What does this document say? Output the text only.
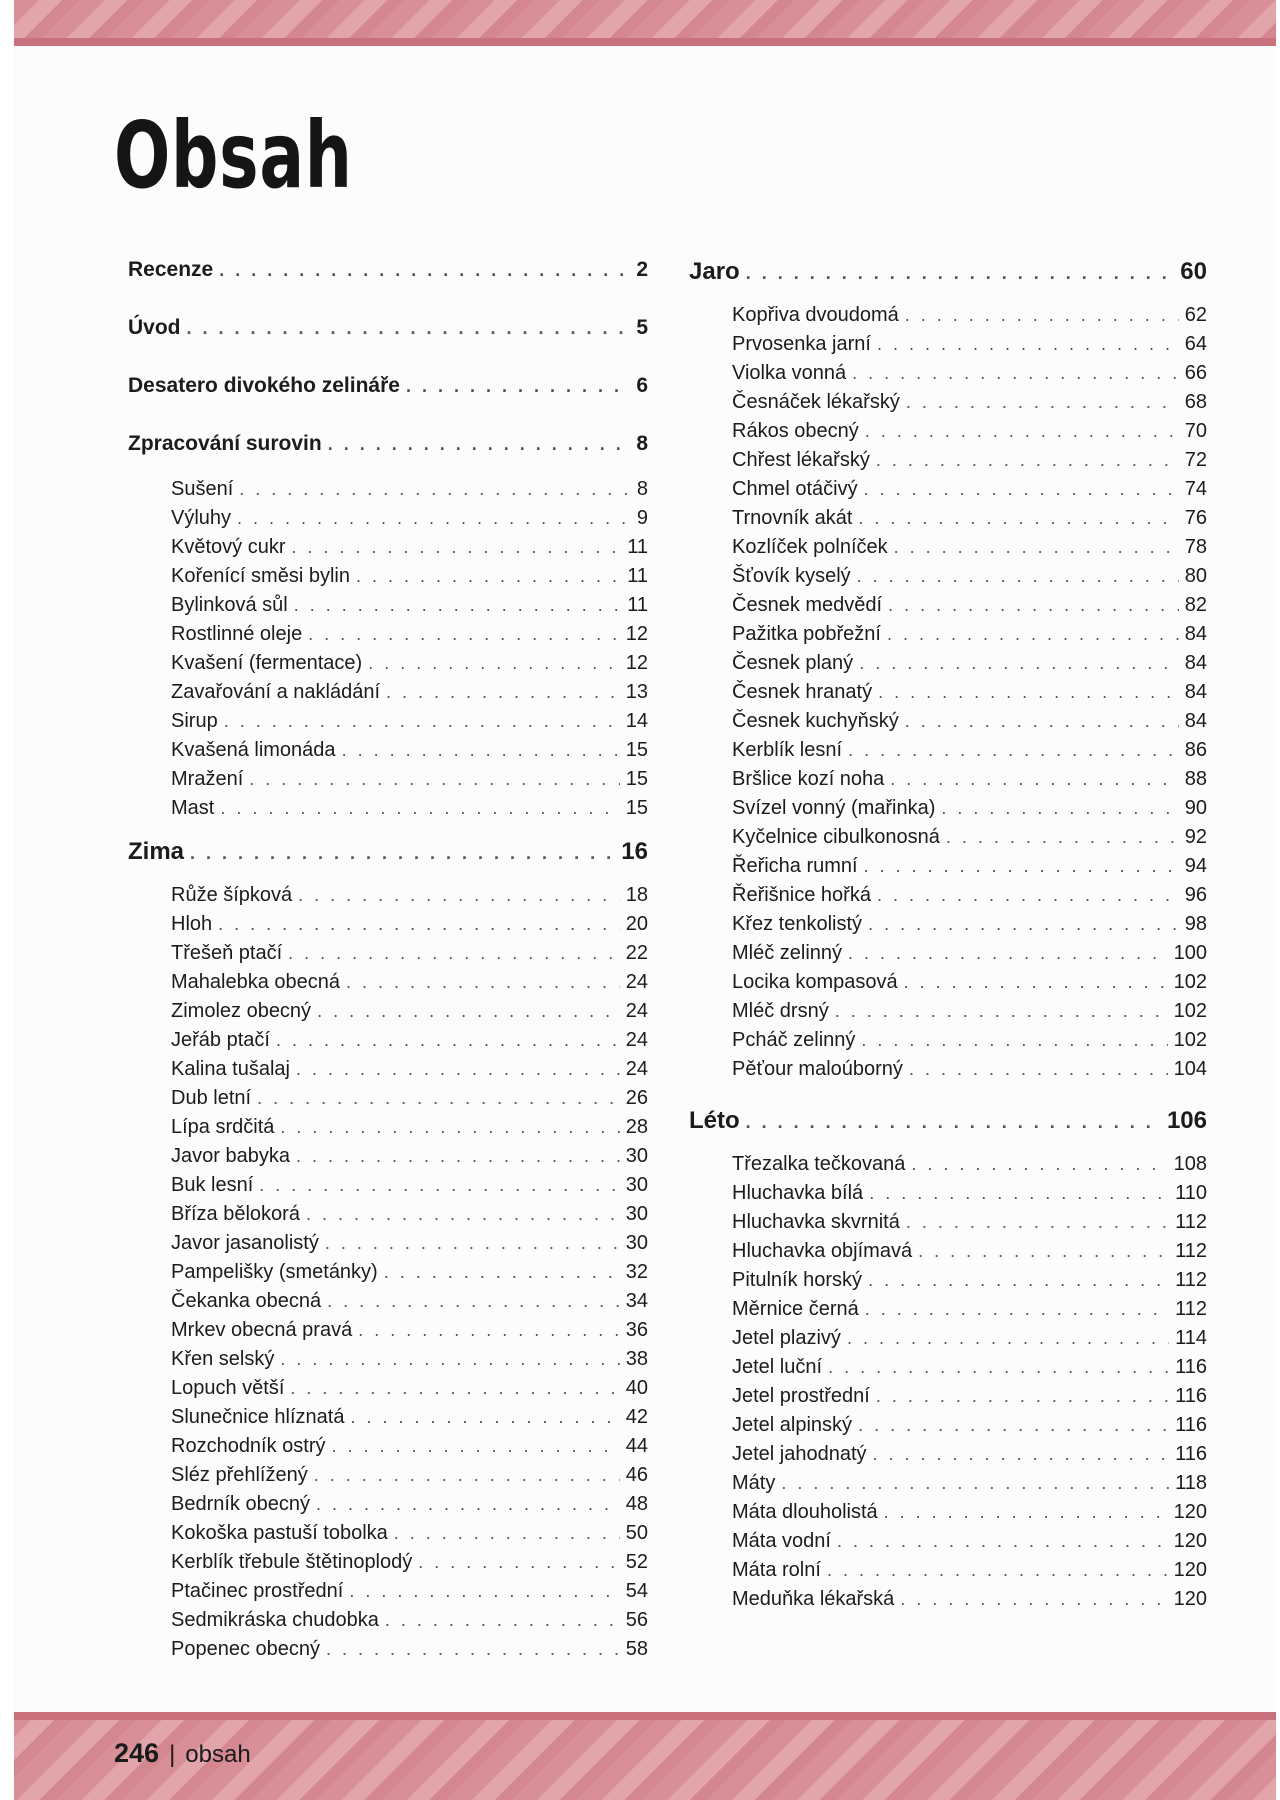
Obsah
Recenze . . .	2
Úvod . . .	5
Desatero divokého zelináře . . .	6
Zpracování surovin . . .	8
Sušení . . .	8
Výluhy . . .	9
Květový cukr . . .	11
Kořenící směsi bylin . . .	11
Bylinková sůl . . .	11
Rostlinné oleje . . .	12
Kvašení (fermentace) . . .	12
Zavařování a nakládání . . .	13
Sirup . . .	14
Kvašená limonáda . . .	15
Mražení . . .	15
Mast . . .	15
Zima . . .	16
Růže šípková . . .	18
Hloh . . .	20
Třešeň ptačí . . .	22
Mahalebka obecná . . .	24
Zimolez obecný . . .	24
Jeřáb ptačí . . .	24
Kalina tušalaj . . .	24
Dub letní . . .	26
Lípa srdčitá . . .	28
Javor babyka . . .	30
Buk lesní . . .	30
Bříza bělokorá . . .	30
Javor jasanolistý . . .	30
Pampelišky (smetánky) . . .	32
Čekanka obecná . . .	34
Mrkev obecná pravá . . .	36
Křen selský . . .	38
Lopuch větší . . .	40
Slunečnice hlíznatá . . .	42
Rozchodník ostrý . . .	44
Sléz přehlížený . . .	46
Bedrník obecný . . .	48
Kokoška pastuší tobolka . . .	50
Kerblík třebule štětinoplodý . . .	52
Ptačinec prostřední . . .	54
Sedmikráska chudobka . . .	56
Popenec obecný . . .	58
Jaro . . .	60
Kopřiva dvoudomá . . .	62
Prvosenka jarní . . .	64
Violka vonná . . .	66
Česnáček lékařský . . .	68
Rákos obecný . . .	70
Chřest lékařský . . .	72
Chmel otáčivý . . .	74
Trnovník akát . . .	76
Kozlíček polníček . . .	78
Šťovík kyselý . . .	80
Česnek medvědí . . .	82
Pažitka pobřežní . . .	84
Česnek planý . . .	84
Česnek hranatý . . .	84
Česnek kuchyňský . . .	84
Kerblík lesní . . .	86
Bršlice kozí noha . . .	88
Svízel vonný (mařinka) . . .	90
Kyčelnice cibulkonosná . . .	92
Řeřicha rumní . . .	94
Řeřišnice hořká . . .	96
Křez tenkolistý . . .	98
Mléč zelinný . . .	100
Locika kompasová . . .	102
Mléč drsný . . .	102
Pcháč zelinný . . .	102
Pěťour maloúborný . . .	104
Léto . . .	106
Třezalka tečkovaná . . .	108
Hluchavka bílá . . .	110
Hluchavka skvrnitá . . .	112
Hluchavka objímavá . . .	112
Pitulník horský . . .	112
Měrnice černá . . .	112
Jetel plazivý . . .	114
Jetel luční . . .	116
Jetel prostřední . . .	116
Jetel alpinský . . .	116
Jetel jahodnatý . . .	116
Máty . . .	118
Máta dlouholistá . . .	120
Máta vodní . . .	120
Máta rolní . . .	120
Meduňka lékařská . . .	120
246 | obsah
